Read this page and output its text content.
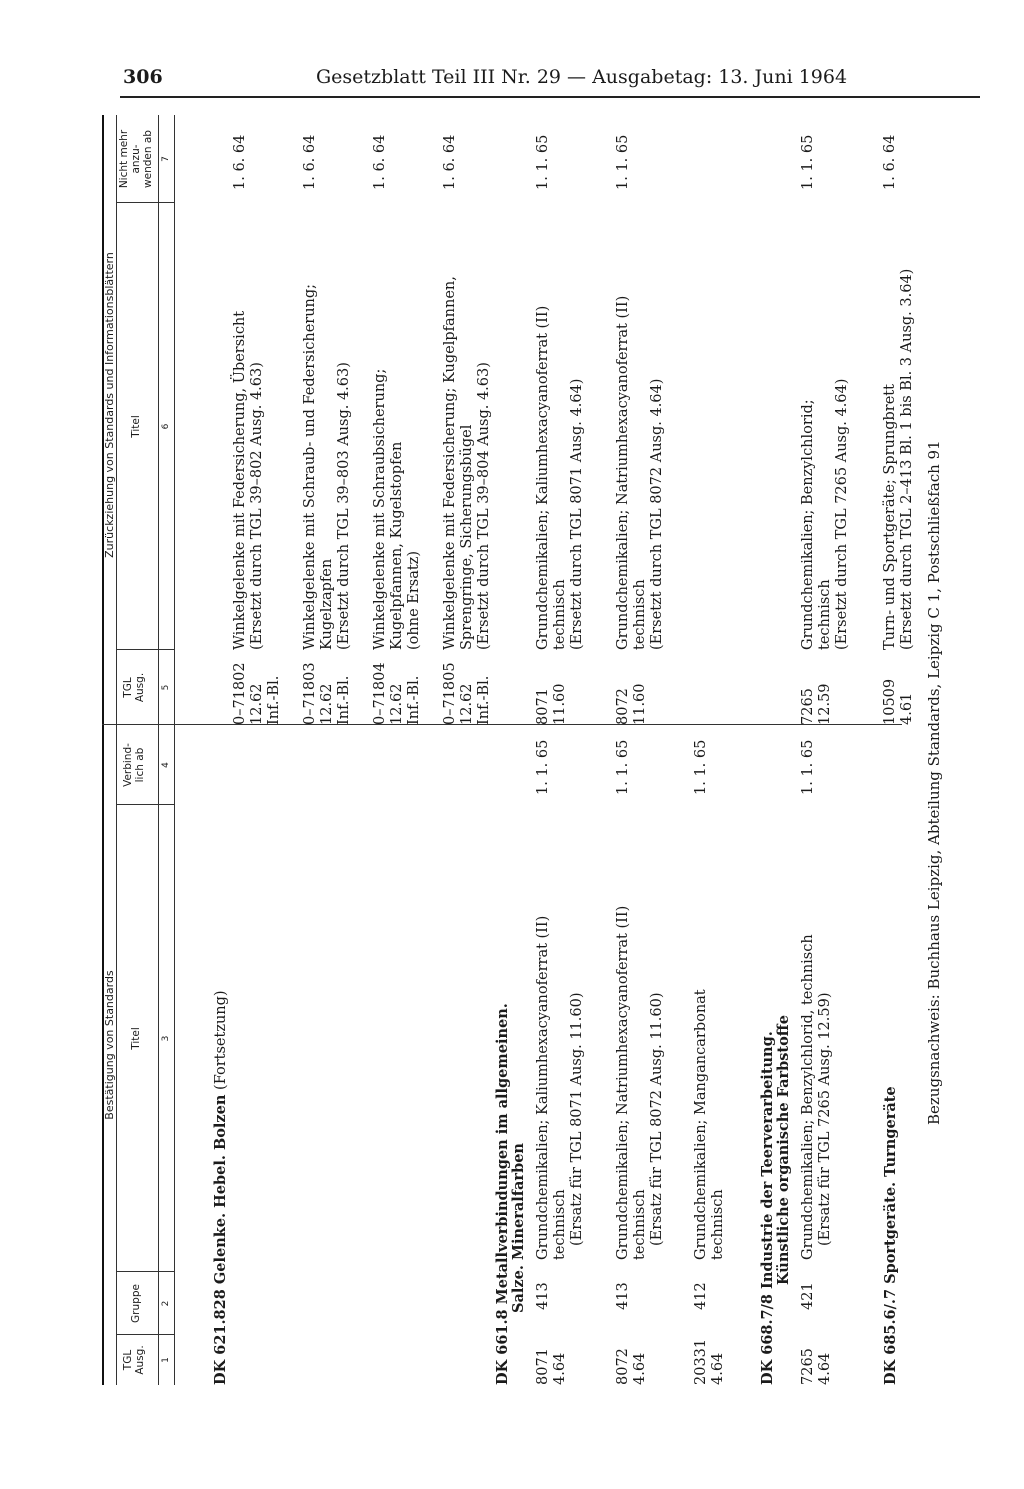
306	Gesetzblatt Teil III Nr. 29 — Ausgabetag: 13. Juni 1964
Bestätigung von Standards
Zurückziehung von Standards und Informationsblättern
TGL Ausg.
Gruppe
Titel
Verbind- lich ab
TGL Ausg.
Titel
Nicht mehr anzu- wenden ab
1
2
3
4
5
6
7
DK 621.828 Gelenke. Hebel. Bolzen (Fortsetzung)
0–71802 12.62 Inf.-Bl.
Winkelgelenke mit Federsicherung, Übersicht (Ersetzt durch TGL 39–802 Ausg. 4.63)
1. 6. 64
0–71803 12.62 Inf.-Bl.
Winkelgelenke mit Schraub- und Federsicherung; Kugelzapfen (Ersetzt durch TGL 39–803 Ausg. 4.63)
1. 6. 64
0–71804 12.62 Inf.-Bl.
Winkelgelenke mit Schraubsicherung; Kugelpfannen, Kugelstopfen (ohne Ersatz)
1. 6. 64
0–71805 12.62 Inf.-Bl.
Winkelgelenke mit Federsicherung; Kugelpfannen, Sprengringe, Sicherungsbügel (Ersetzt durch TGL 39–804 Ausg. 4.63)
1. 6. 64
DK 661.8 Metallverbindungen im allgemeinen. Salze. Mineralfarben
8071 4.64
413
Grundchemikalien; Kaliumhexacyanoferrat (II) technisch (Ersatz für TGL 8071 Ausg. 11.60)
1. 1. 65
8071 11.60
Grundchemikalien; Kaliumhexacyanoferrat (II) technisch (Ersetzt durch TGL 8071 Ausg. 4.64)
1. 1. 65
8072 4.64
413
Grundchemikalien; Natriumhexacyanoferrat (II) technisch (Ersatz für TGL 8072 Ausg. 11.60)
1. 1. 65
8072 11.60
Grundchemikalien; Natriumhexacyanoferrat (II) technisch (Ersetzt durch TGL 8072 Ausg. 4.64)
1. 1. 65
20331 4.64
412
Grundchemikalien; Mangancarbonat technisch
1. 1. 65
DK 668.7/8 Industrie der Teerverarbeitung. Künstliche organische Farbstoffe
7265 4.64
421
Grundchemikalien; Benzylchlorid, technisch (Ersatz für TGL 7265 Ausg. 12.59)
1. 1. 65
7265 12.59
Grundchemikalien; Benzylchlorid; technisch (Ersetzt durch TGL 7265 Ausg. 4.64)
1. 1. 65
DK 685.6/.7 Sportgeräte. Turngeräte
10509 4.61
Turn- und Sportgeräte; Sprungbrett (Ersetzt durch TGL 2–413 Bl. 1 bis Bl. 3 Ausg. 3.64)
1. 6. 64
Bezugsnachweis: Buchhaus Leipzig, Abteilung Standards, Leipzig C 1, Postschließfach 91
